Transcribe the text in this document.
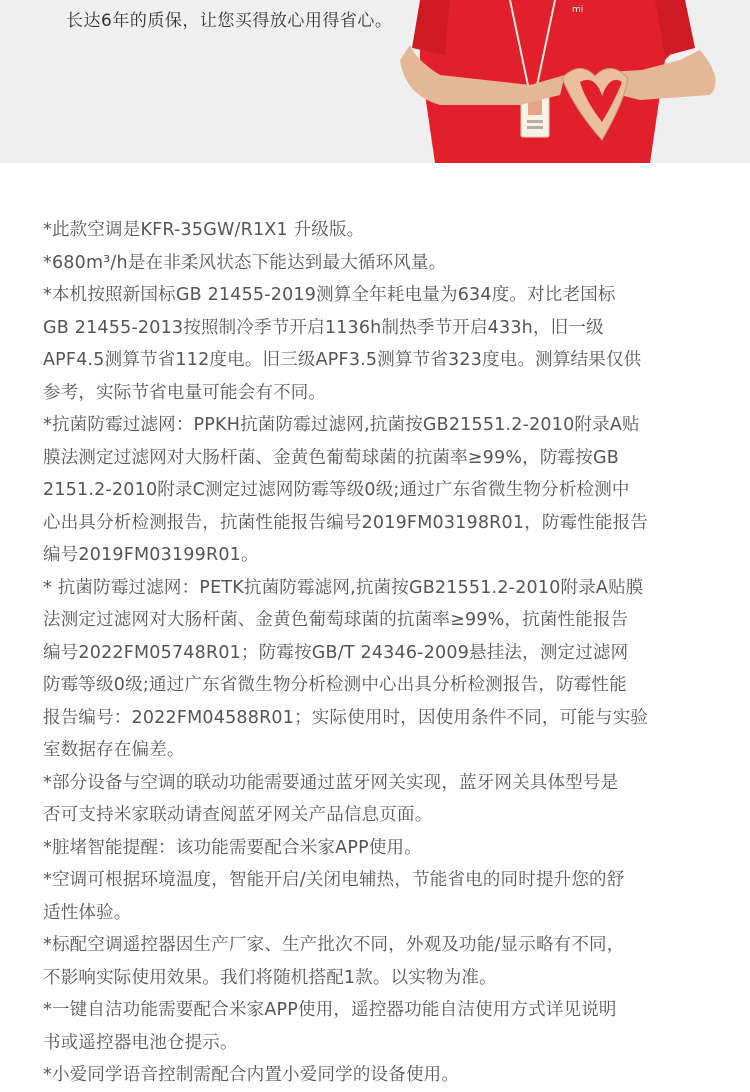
长达6年的质保，让您买得放心用得省心。
mi
*此款空调是KFR-35GW/R1X1 升级版。
*680m³/h是在非柔风状态下能达到最大循环风量。
*本机按照新国标GB 21455-2019测算全年耗电量为634度。对比老国标
GB 21455-2013按照制冷季节开启1136h制热季节开启433h，旧一级
APF4.5测算节省112度电。旧三级APF3.5测算节省323度电。测算结果仅供
参考，实际节省电量可能会有不同。
*抗菌防霉过滤网：PPKH抗菌防霉过滤网,抗菌按GB21551.2-2010附录A贴
膜法测定过滤网对大肠杆菌、金黄色葡萄球菌的抗菌率≥99%，防霉按GB
2151.2-2010附录C测定过滤网防霉等级0级;通过广东省微生物分析检测中
心出具分析检测报告，抗菌性能报告编号2019FM03198R01，防霉性能报告
编号2019FM03199R01。
* 抗菌防霉过滤网：PETK抗菌防霉滤网,抗菌按GB21551.2-2010附录A贴膜
法测定过滤网对大肠杆菌、金黄色葡萄球菌的抗菌率≥99%，抗菌性能报告
编号2022FM05748R01；防霉按GB/T 24346-2009悬挂法，测定过滤网
防霉等级0级;通过广东省微生物分析检测中心出具分析检测报告，防霉性能
报告编号：2022FM04588R01；实际使用时，因使用条件不同，可能与实验
室数据存在偏差。
*部分设备与空调的联动功能需要通过蓝牙网关实现，蓝牙网关具体型号是
否可支持米家联动请查阅蓝牙网关产品信息页面。
*脏堵智能提醒：该功能需要配合米家APP使用。
*空调可根据环境温度，智能开启/关闭电辅热，节能省电的同时提升您的舒
适性体验。
*标配空调遥控器因生产厂家、生产批次不同，外观及功能/显示略有不同，
不影响实际使用效果。我们将随机搭配1款。以实物为准。
*一键自洁功能需要配合米家APP使用，遥控器功能自洁使用方式详见说明
书或遥控器电池仓提示。
*小爱同学语音控制需配合内置小爱同学的设备使用。
